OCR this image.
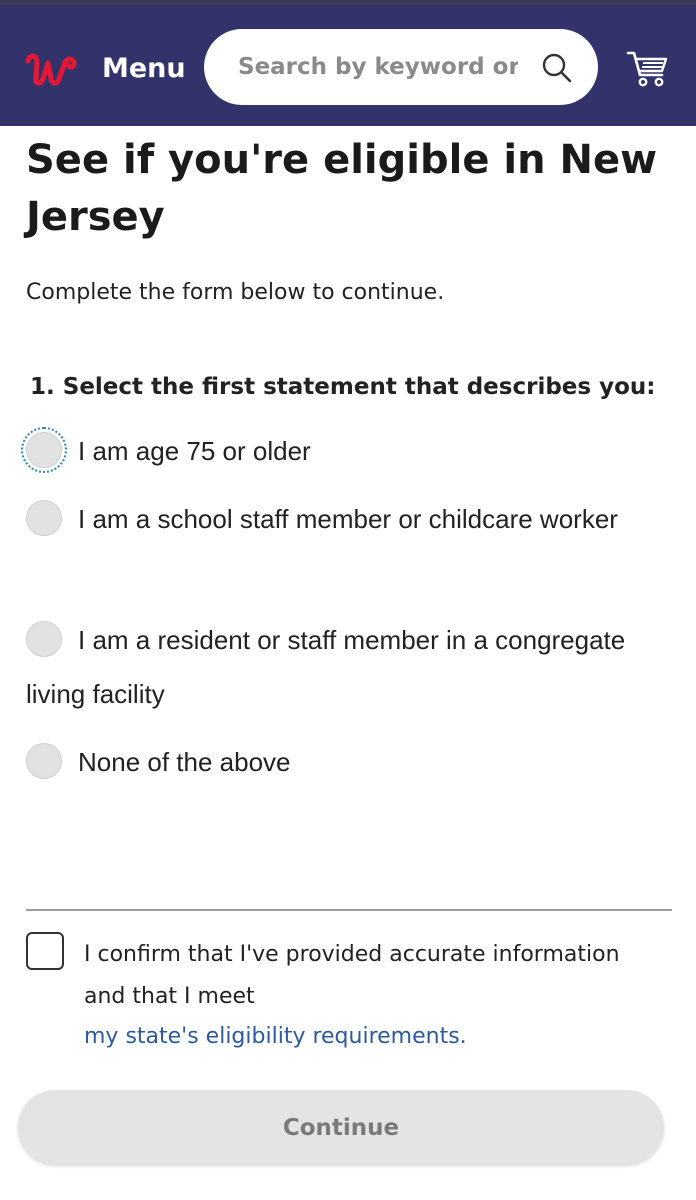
Menu
Search by keyword or item
See if you're eligible in New Jersey
Complete the form below to continue.
1. Select the first statement that describes you:
I am age 75 or older
I am a school staff member or childcare worker
I am a resident or staff member in a congregate living facility
None of the above
I confirm that I've provided accurate information and that I meet
my state's eligibility requirements.
Continue
